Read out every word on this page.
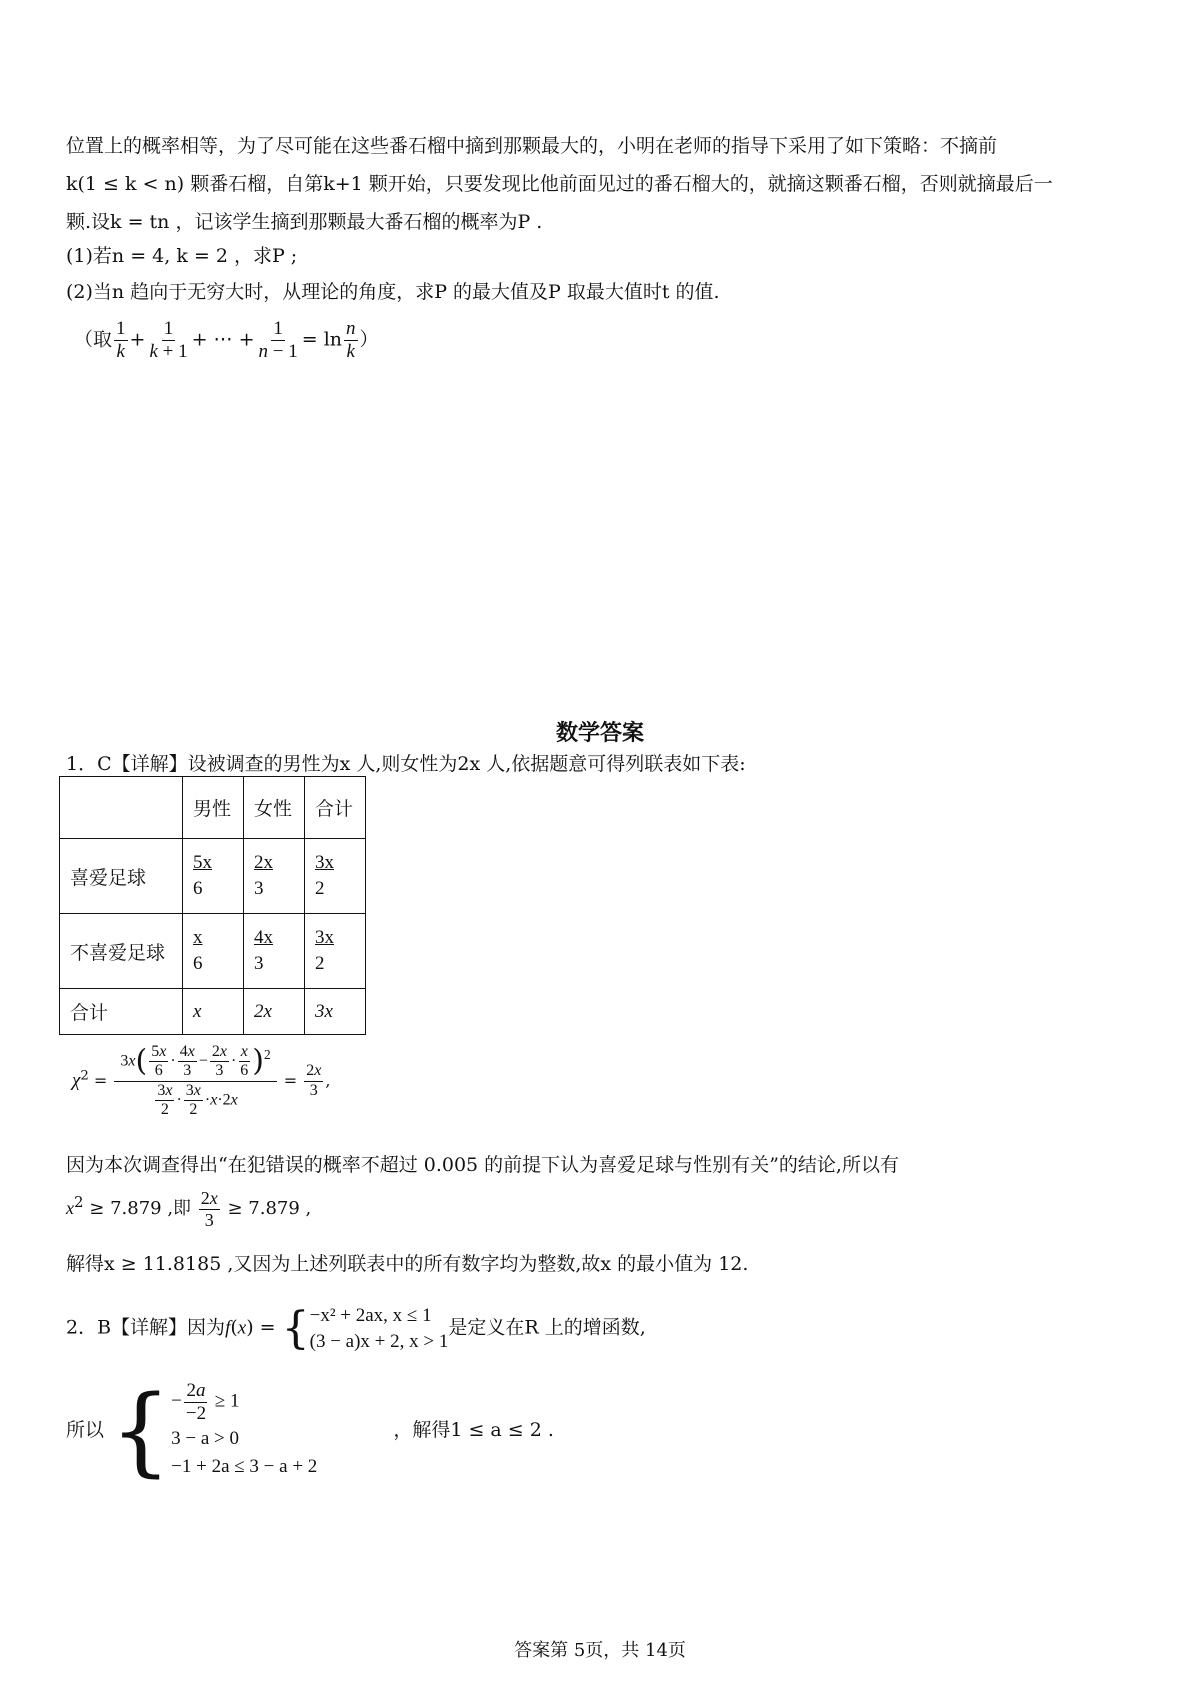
位置上的概率相等，为了尽可能在这些番石榴中摘到那颗最大的，小明在老师的指导下采用了如下策略：不摘前
k(1 ≤ k < n) 颗番石榴，自第k+1 颗开始，只要发现比他前面见过的番石榴大的，就摘这颗番石榴，否则就摘最后一
颗.设k = tn ，记该学生摘到那颗最大番石榴的概率为P .
(1)若n = 4, k = 2 ，求P ;
(2)当n 趋向于无穷大时，从理论的角度，求P 的最大值及P 取最大值时t 的值.
（取 $\frac{1}{k} + \frac{1}{k + 1}$ + ⋯ + $\frac{1}{n - 1} = \ln \frac{n}{k}$ ）
数学答案
1．C【详解】设被调查的男性为x 人,则女性为2x 人,依据题意可得列联表如下表:
	男性	女性	合计
喜爱足球	$\frac{5x}{6}$	$\frac{2x}{3}$	$\frac{3x}{2}$

不喜爱足球	$\frac{x}{6}$	$\frac{4x}{3}$	$\frac{3x}{2}$

合计	x	2x	3x
$\chi^2 = \frac{3x( \frac{5x}{6} \cdot \frac{4x}{3} - \frac{2x}{3} \cdot \frac{x}{6} )^2}{\frac{3x}{2} \cdot \frac{3x}{2} \cdot x\cdot 2x} = \frac{2x}{3}$ ,
因为本次调查得出“在犯错误的概率不超过 0.005 的前提下认为喜爱足球与性别有关”的结论,所以有
$x^2 \ge 7.879$ ,即 $\frac{2x}{3} \ge 7.879$ ,
解得x ≥ 11.8185 ,又因为上述列联表中的所有数字均为整数,故x 的最小值为 12.
2．B【详解】因为f(x) = { −x² + 2ax, x ≤ 1
(3 − a)x + 2, x > 1
是定义在R 上的增函数,
所以 { − $\frac{2a}{-2} \ge 1$
3 − a > 0
−1 + 2a ≤ 3 − a + 2
，解得1 ≤ a ≤ 2 .
答案第 5页，共 14页
